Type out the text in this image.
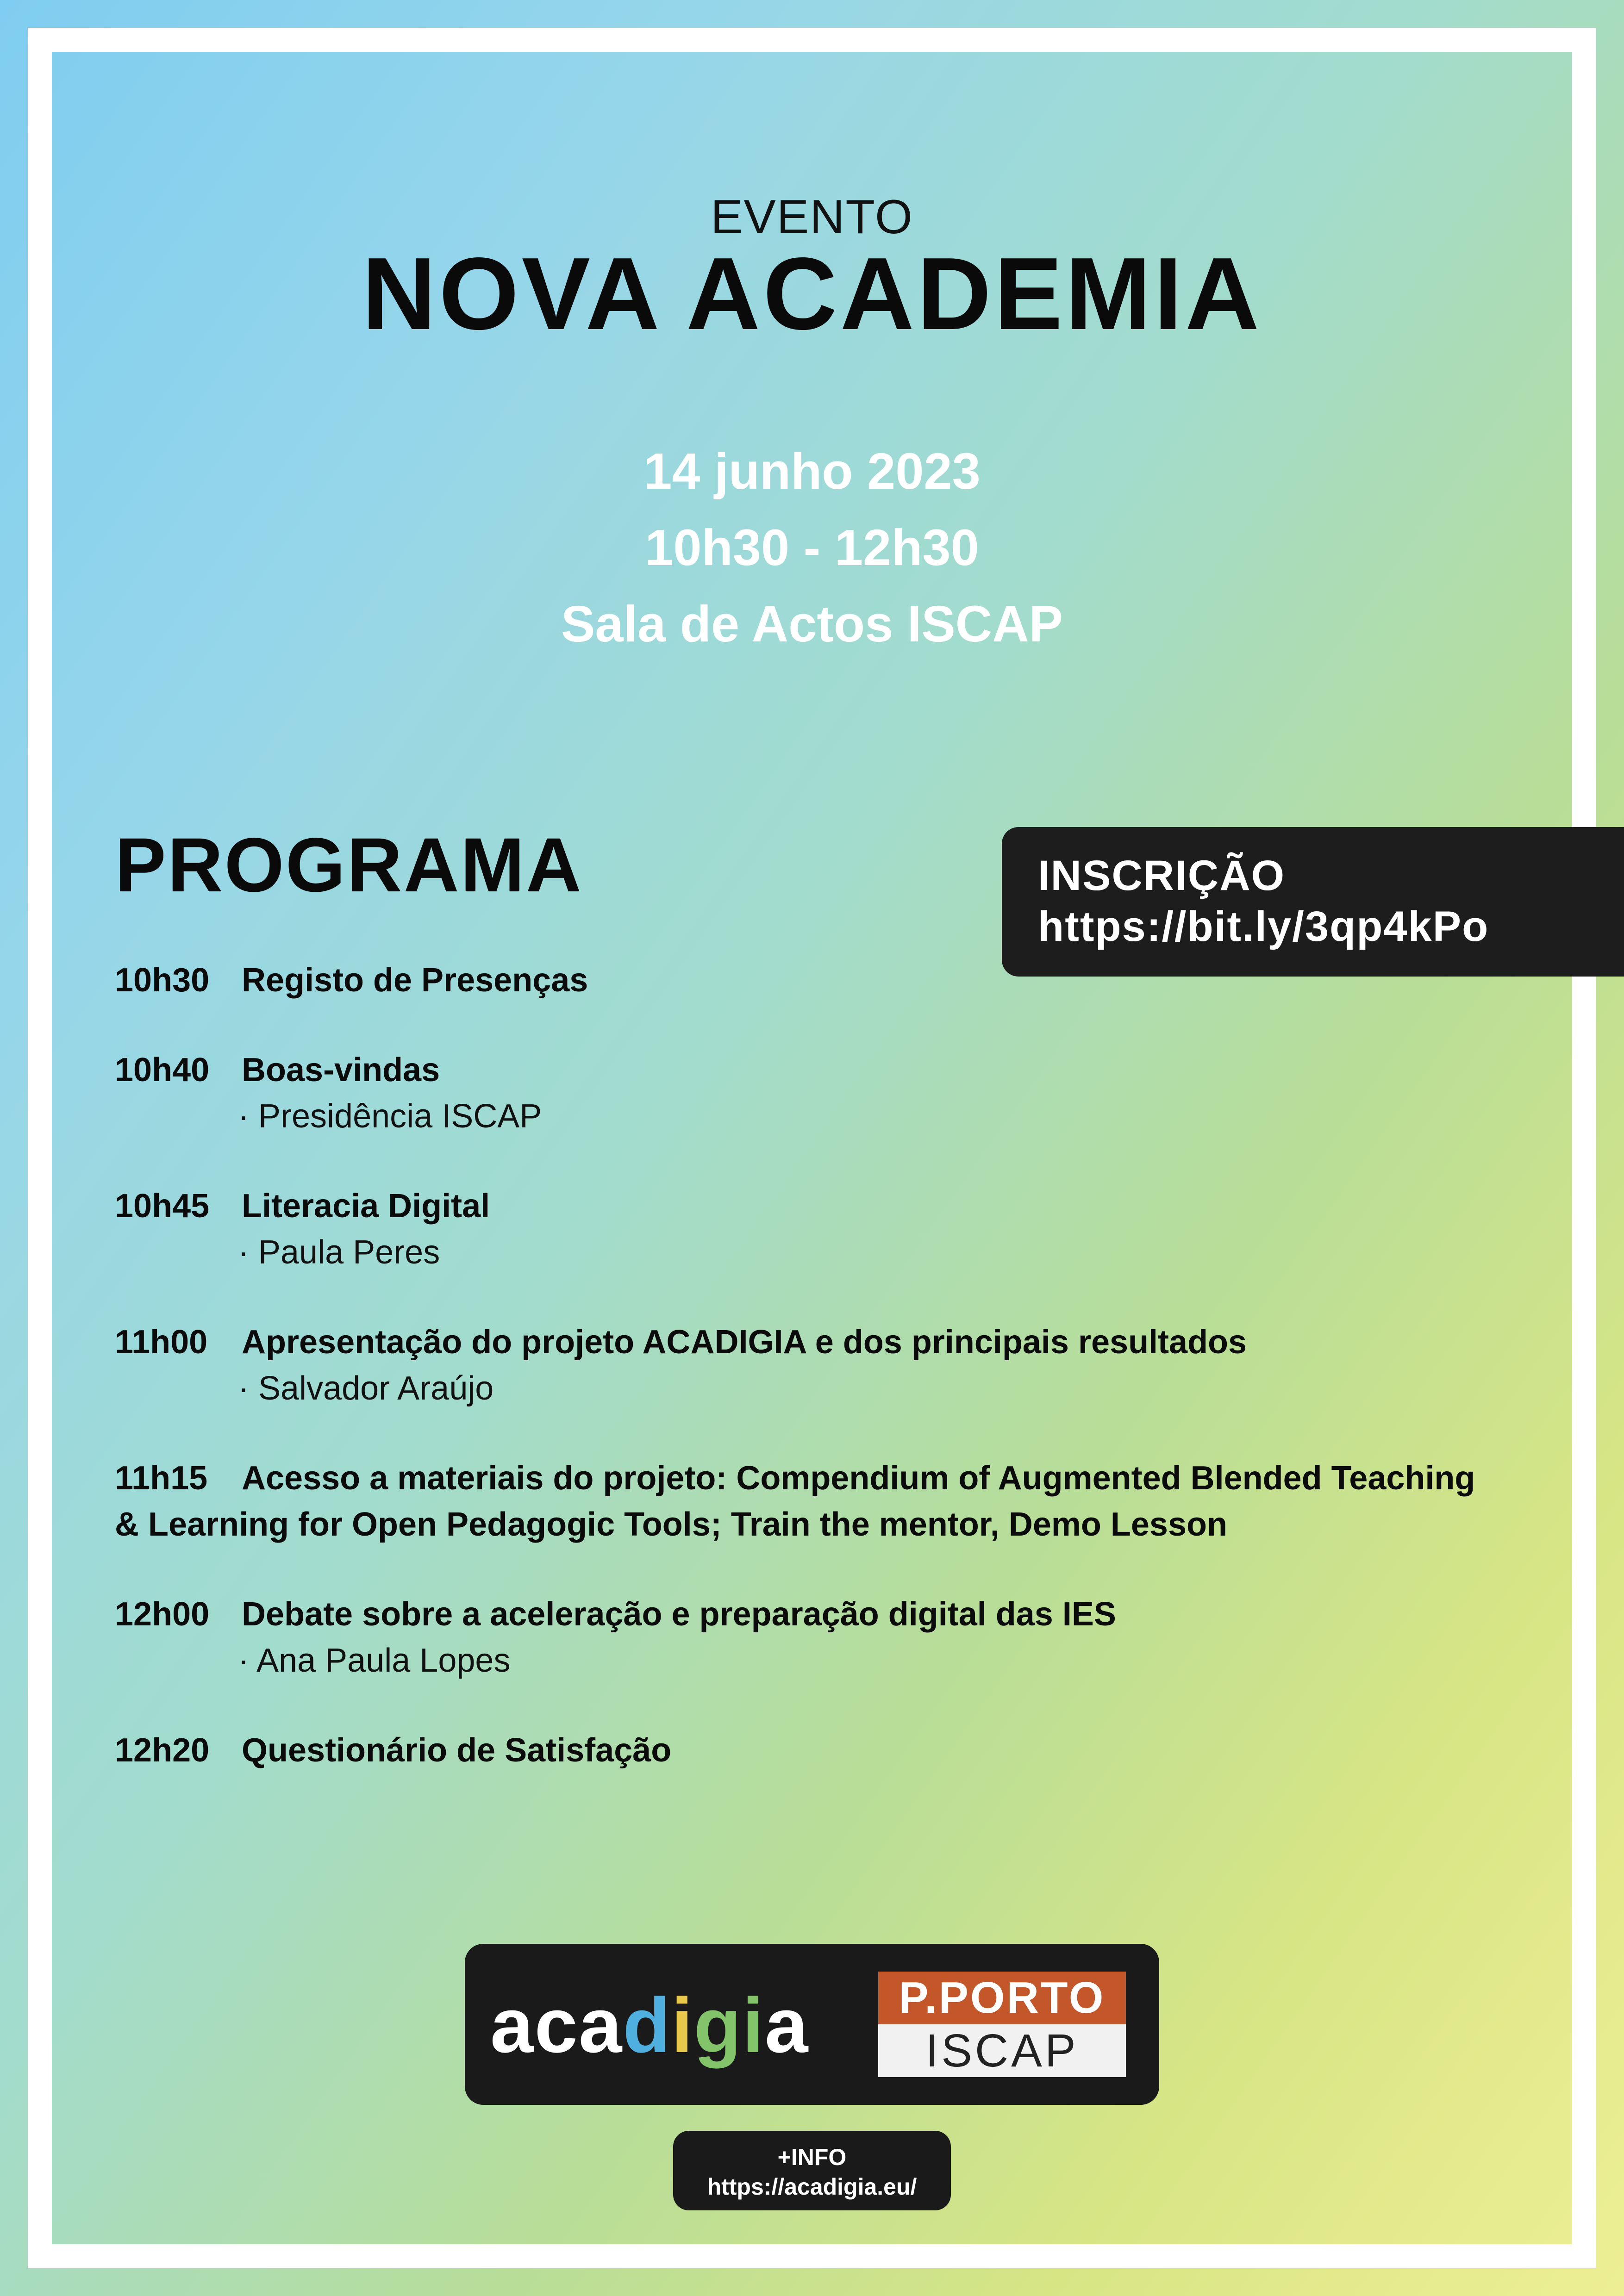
EVENTO
NOVA ACADEMIA
14 junho 2023
10h30 - 12h30
Sala de Actos ISCAP
PROGRAMA	INSCRIÇÃO
https://bit.ly/3qp4kPo
10h30 Registo de Presenças
10h40 Boas-vindas
· Presidência ISCAP
10h45 Literacia Digital
· Paula Peres
11h00 Apresentação do projeto ACADIGIA e dos principais resultados
· Salvador Araújo
11h15 Acesso a materiais do projeto: Compendium of Augmented Blended Teaching
& Learning for Open Pedagogic Tools; Train the mentor, Demo Lesson
12h00 Debate sobre a aceleração e preparação digital das IES
· Ana Paula Lopes
12h20 Questionário de Satisfação
acadigia	P.PORTO
ISCAP
+INFO
https://acadigia.eu/
